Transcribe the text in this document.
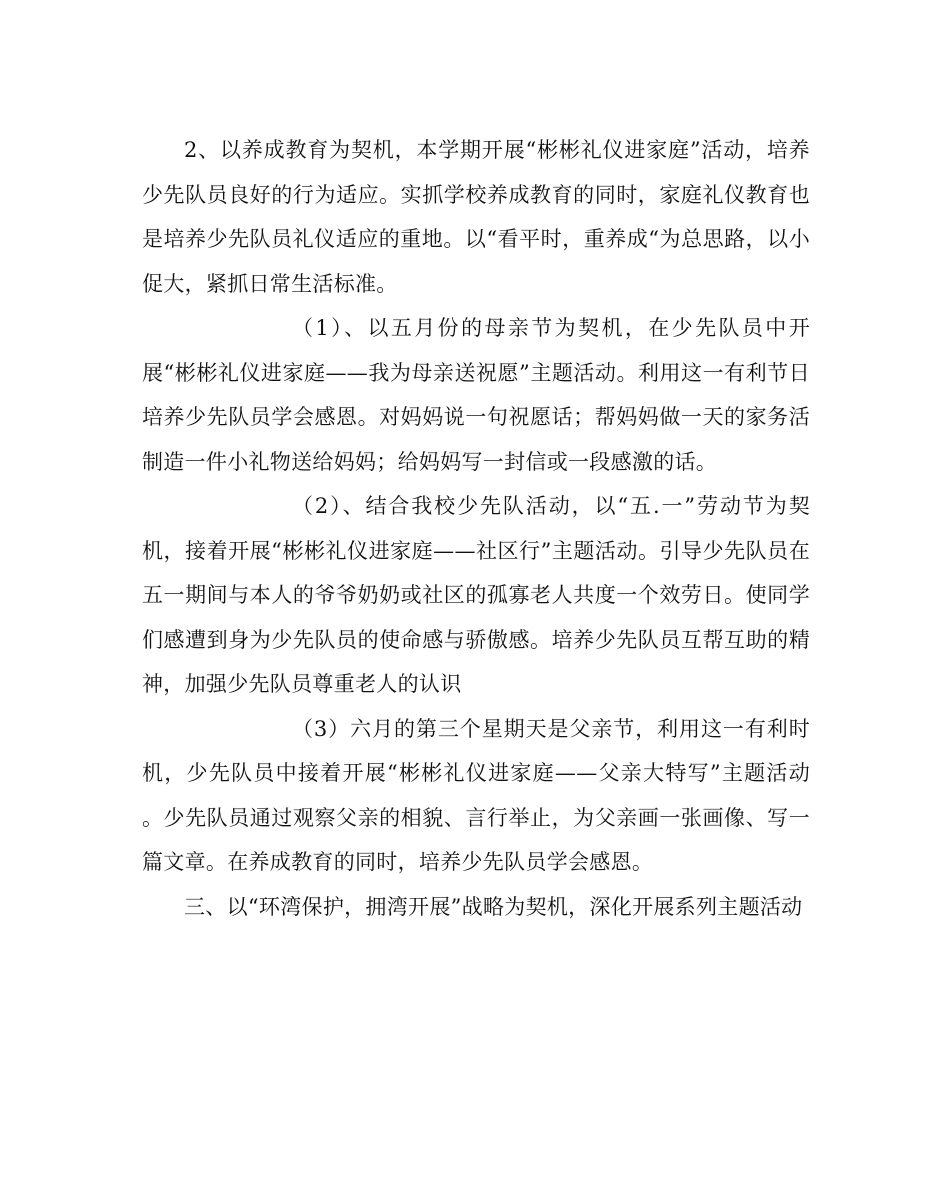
2、以养成教育为契机，本学期开展“彬彬礼仪进家庭”活动，培养少先队员良好的行为适应。实抓学校养成教育的同时，家庭礼仪教育也是培养少先队员礼仪适应的重地。以“看平时，重养成“为总思路，以小促大，紧抓日常生活标准。

（1）、以五月份的母亲节为契机，在少先队员中开展“彬彬礼仪进家庭——我为母亲送祝愿”主题活动。利用这一有利节日培养少先队员学会感恩。对妈妈说一句祝愿话；帮妈妈做一天的家务活制造一件小礼物送给妈妈；给妈妈写一封信或一段感激的话。

（2）、结合我校少先队活动，以“五.一”劳动节为契机，接着开展“彬彬礼仪进家庭——社区行”主题活动。引导少先队员在五一期间与本人的爷爷奶奶或社区的孤寡老人共度一个效劳日。使同学们感遭到身为少先队员的使命感与骄傲感。培养少先队员互帮互助的精神，加强少先队员尊重老人的认识

（3）六月的第三个星期天是父亲节，利用这一有利时机，少先队员中接着开展“彬彬礼仪进家庭——父亲大特写”主题活动 。少先队员通过观察父亲的相貌、言行举止，为父亲画一张画像、写一篇文章。在养成教育的同时，培养少先队员学会感恩。

三、以“环湾保护，拥湾开展”战略为契机，深化开展系列主题活动
